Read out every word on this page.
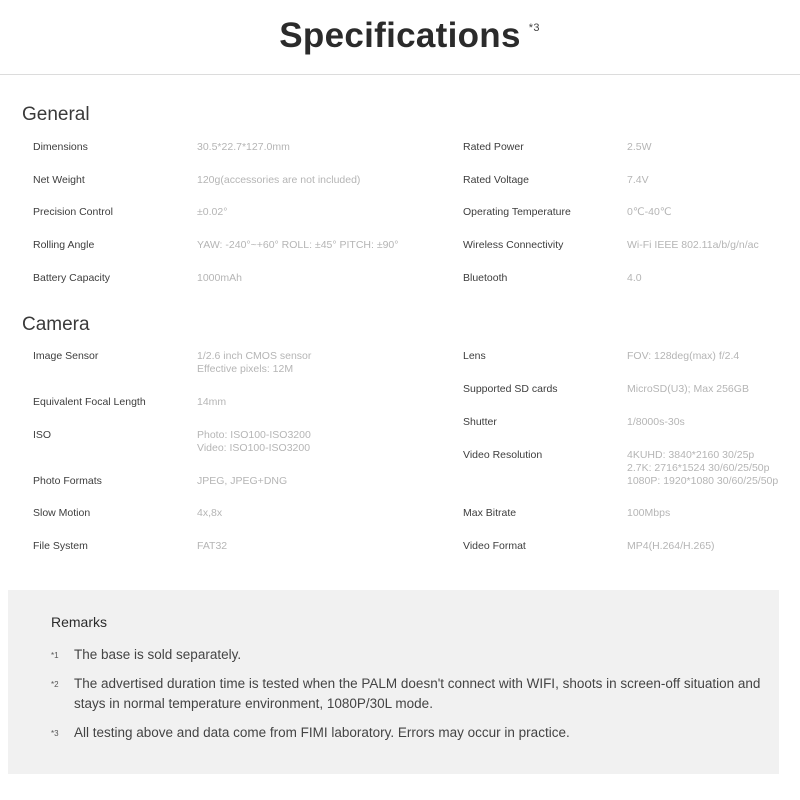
Specifications *3
General
Dimensions	30.5*22.7*127.0mm
Net Weight	120g(accessories are not included)
Precision Control	±0.02°
Rolling Angle	YAW: -240°~+60° ROLL: ±45° PITCH: ±90°
Battery Capacity	1000mAh
Rated Power	2.5W
Rated Voltage	7.4V
Operating Temperature	0℃-40℃
Wireless Connectivity	Wi-Fi IEEE 802.11a/b/g/n/ac
Bluetooth	4.0
Camera
Image Sensor	1/2.6 inch CMOS sensor
Effective pixels: 12M
Equivalent Focal Length	14mm
ISO	Photo: ISO100-ISO3200
Video: ISO100-ISO3200
Photo Formats	JPEG, JPEG+DNG
Slow Motion	4x,8x
File System	FAT32
Lens	FOV: 128deg(max) f/2.4
Supported SD cards	MicroSD(U3); Max 256GB
Shutter	1/8000s-30s
Video Resolution	4KUHD: 3840*2160 30/25p
2.7K: 2716*1524 30/60/25/50p
1080P: 1920*1080 30/60/25/50p
Max Bitrate	100Mbps
Video Format	MP4(H.264/H.265)
Remarks
*1 The base is sold separately.
*2 The advertised duration time is tested when the PALM doesn't connect with WIFI, shoots in screen-off situation and stays in normal temperature environment, 1080P/30L mode.
*3 All testing above and data come from FIMI laboratory. Errors may occur in practice.
